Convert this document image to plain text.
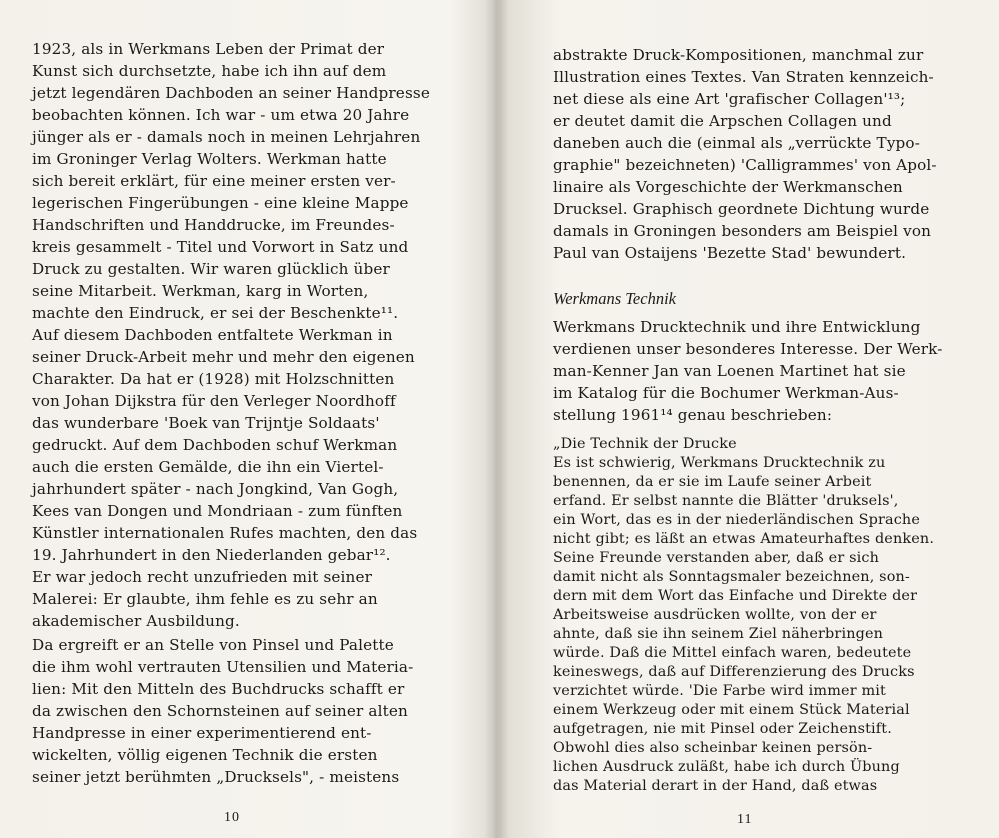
1923, als in Werkmans Leben der Primat der
Kunst sich durchsetzte, habe ich ihn auf dem
jetzt legendären Dachboden an seiner Handpresse
beobachten können. Ich war - um etwa 20 Jahre
jünger als er - damals noch in meinen Lehrjahren
im Groninger Verlag Wolters. Werkman hatte
sich bereit erklärt, für eine meiner ersten ver-
legerischen Fingerübungen - eine kleine Mappe
Handschriften und Handdrucke, im Freundes-
kreis gesammelt - Titel und Vorwort in Satz und
Druck zu gestalten. Wir waren glücklich über
seine Mitarbeit. Werkman, karg in Worten,
machte den Eindruck, er sei der Beschenkte¹¹.
Auf diesem Dachboden entfaltete Werkman in
seiner Druck-Arbeit mehr und mehr den eigenen
Charakter. Da hat er (1928) mit Holzschnitten
von Johan Dijkstra für den Verleger Noordhoff
das wunderbare 'Boek van Trijntje Soldaats'
gedruckt. Auf dem Dachboden schuf Werkman
auch die ersten Gemälde, die ihn ein Viertel-
jahrhundert später - nach Jongkind, Van Gogh,
Kees van Dongen und Mondriaan - zum fünften
Künstler internationalen Rufes machten, den das
19. Jahrhundert in den Niederlanden gebar¹².
Er war jedoch recht unzufrieden mit seiner
Malerei: Er glaubte, ihm fehle es zu sehr an
akademischer Ausbildung.
Da ergreift er an Stelle von Pinsel und Palette
die ihm wohl vertrauten Utensilien und Materia-
lien: Mit den Mitteln des Buchdrucks schafft er
da zwischen den Schornsteinen auf seiner alten
Handpresse in einer experimentierend ent-
wickelten, völlig eigenen Technik die ersten
seiner jetzt berühmten „Drucksels", - meistens
10
abstrakte Druck-Kompositionen, manchmal zur
Illustration eines Textes. Van Straten kennzeich-
net diese als eine Art 'grafischer Collagen'¹³;
er deutet damit die Arpschen Collagen und
daneben auch die (einmal als „verrückte Typo-
graphie" bezeichneten) 'Calligrammes' von Apol-
linaire als Vorgeschichte der Werkmanschen
Drucksel. Graphisch geordnete Dichtung wurde
damals in Groningen besonders am Beispiel von
Paul van Ostaijens 'Bezette Stad' bewundert.
Werkmans Technik
Werkmans Drucktechnik und ihre Entwicklung
verdienen unser besonderes Interesse. Der Werk-
man-Kenner Jan van Loenen Martinet hat sie
im Katalog für die Bochumer Werkman-Aus-
stellung 1961¹⁴ genau beschrieben:
„Die Technik der Drucke
Es ist schwierig, Werkmans Drucktechnik zu
benennen, da er sie im Laufe seiner Arbeit
erfand. Er selbst nannte die Blätter 'druksels',
ein Wort, das es in der niederländischen Sprache
nicht gibt; es läßt an etwas Amateurhaftes denken.
Seine Freunde verstanden aber, daß er sich
damit nicht als Sonntagsmaler bezeichnen, son-
dern mit dem Wort das Einfache und Direkte der
Arbeitsweise ausdrücken wollte, von der er
ahnte, daß sie ihn seinem Ziel näherbringen
würde. Daß die Mittel einfach waren, bedeutete
keineswegs, daß auf Differenzierung des Drucks
verzichtet würde. 'Die Farbe wird immer mit
einem Werkzeug oder mit einem Stück Material
aufgetragen, nie mit Pinsel oder Zeichenstift.
Obwohl dies also scheinbar keinen persön-
lichen Ausdruck zuläßt, habe ich durch Übung
das Material derart in der Hand, daß etwas
11
